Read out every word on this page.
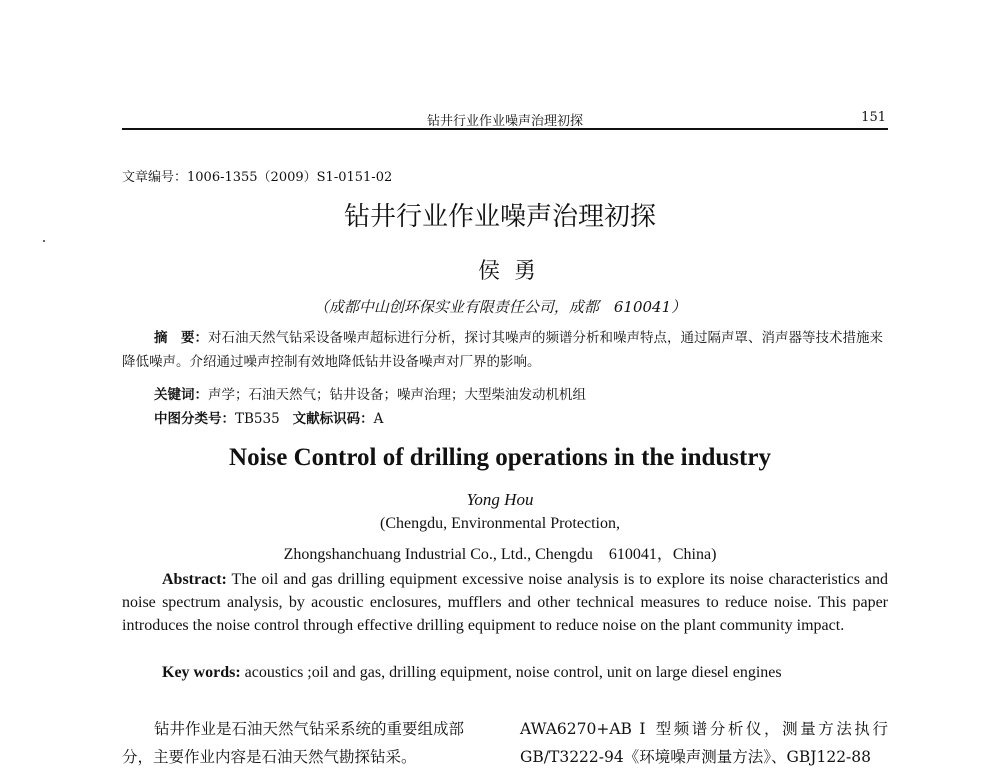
钻井行业作业噪声治理初探	151
文章编号：1006-1355（2009）S1-0151-02
钻井行业作业噪声治理初探
侯勇
（成都中山创环保实业有限责任公司，成都　610041）
摘　要：对石油天然气钻采设备噪声超标进行分析，探讨其噪声的频谱分析和噪声特点，通过隔声罩、消声器等技术措施来降低噪声。介绍通过噪声控制有效地降低钻井设备噪声对厂界的影响。
关键词：声学；石油天然气；钻井设备；噪声治理；大型柴油发动机机组
中图分类号：TB535 文献标识码：A
Noise Control of drilling operations in the industry
Yong Hou
(Chengdu, Environmental Protection,
Zhongshanchuang Industrial Co., Ltd., Chengdu　610041，China)
Abstract: The oil and gas drilling equipment excessive noise analysis is to explore its noise characteristics and noise spectrum analysis, by acoustic enclosures, mufflers and other technical measures to reduce noise. This paper introduces the noise control through effective drilling equipment to reduce noise on the plant community impact.
Key words: acoustics ;oil and gas, drilling equipment, noise control, unit on large diesel engines
钻井作业是石油天然气钻采系统的重要组成部分，主要作业内容是石油天然气勘探钻采。
AWA6270+AB Ⅰ 型频谱分析仪，测量方法执行GB/T3222-94《环境噪声测量方法》、GBJ122-88
